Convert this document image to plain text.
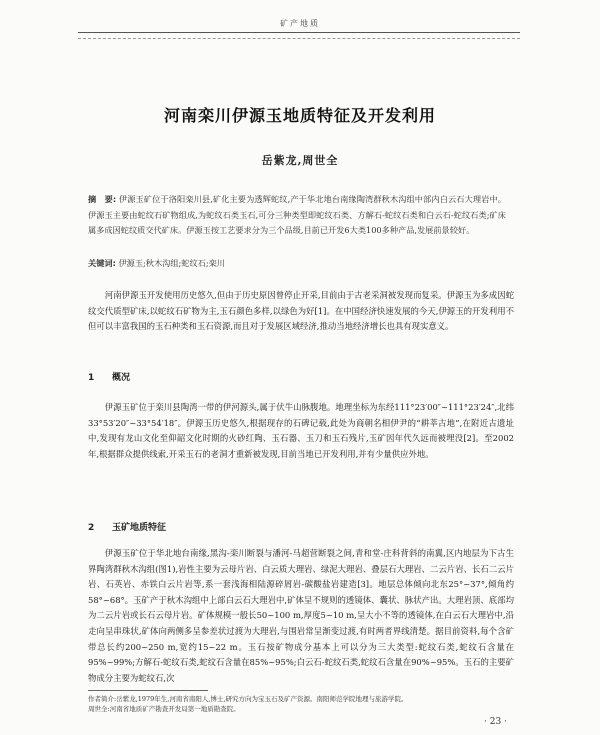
矿产地质
河南栾川伊源玉地质特征及开发利用
岳紫龙,周世全
摘　要: 伊源玉矿位于洛阳栾川县,矿化主要为透辉蛇纹,产于华北地台南缘陶湾群秋木沟组中部内白云石大理岩中。伊源玉主要由蛇纹石矿物组成,为蛇纹石类玉石,可分三种类型即蛇纹石类、方解石-蛇纹石类和白云石-蛇纹石类;矿床属多成因蛇纹质交代矿床。伊源玉按工艺要求分为三个品级,目前已开发6大类100多种产品,发展前景较好。
关键词: 伊源玉;秋木沟组;蛇纹石;栾川
河南伊源玉开发使用历史悠久,但由于历史原因曾停止开采,目前由于古老采洞被发现而复采。伊源玉为多成因蛇纹交代质型矿床,以蛇纹石矿物为主,玉石颜色多样,以绿色为好[1]。在中国经济快速发展的今天,伊源玉的开发利用不但可以丰富我国的玉石种类和玉石资源,而且对于发展区域经济,推动当地经济增长也具有现实意义。
1 概况
伊源玉矿位于栾川县陶湾一带的伊河源头,属于伏牛山脉腹地。地理坐标为东经111°23′00″~111°23′24″,北纬33°53′20″~33°54′18″。伊源玉历史悠久,根据现存的石碑记载,此处为商朝名相伊尹的“耕莘古地”,在附近古遗址中,发现有龙山文化至仰韶文化时期的火砂红陶、玉石器、玉刀和玉石残片,玉矿因年代久远而被埋没[2]。至2002年,根据群众提供线索,开采玉石的老洞才重新被发现,目前当地已开发利用,并有少量供应外地。
2 玉矿地质特征
伊源玉矿位于华北地台南缘,黑沟-栾川断裂与潘河-马超营断裂之间,青和堂-庄科背斜的南翼,区内地层为下古生界陶湾群秋木沟组(图1),岩性主要为云母片岩、白云质大理岩、绿泥大理岩、叠层石大理岩、二云片岩、长石二云片岩、石英岩、赤铁白云片岩等,系一套浅海相陆源碎屑岩-碳酸盐岩建造[3]。地层总体倾向北东25°~37°,倾角约58°~68°。玉矿产于秋木沟组中上部白云石大理岩中,矿体呈不规则的透镜体、囊状、脉状产出。大理岩顶、底部均为二云片岩或长石云母片岩。矿体规模一般长50~100 m,厚度5~10 m,呈大小不等的透镜体,在白云石大理岩中,沿走向呈串珠状,矿体向两侧多呈参差状过渡为大理岩,与围岩常呈渐变过渡,有时两者界线清楚。据目前资料,每个含矿带总长约200~250 m,宽约15~22 m。玉石按矿物成分基本上可以分为三大类型:蛇纹石类,蛇纹石含量在95%~99%;方解石-蛇纹石类,蛇纹石含量在85%~95%;白云石-蛇纹石类,蛇纹石含量在90%~95%。玉石的主要矿物成分主要为蛇纹石,次
作者简介:岳紫龙,1979年生,河南省南阳人,博士,研究方向为宝玉石及矿产资源。南阳师范学院地理与旅游学院。
周世全:河南省地质矿产勘查开发局第一地质勘查院。
· 23 ·
